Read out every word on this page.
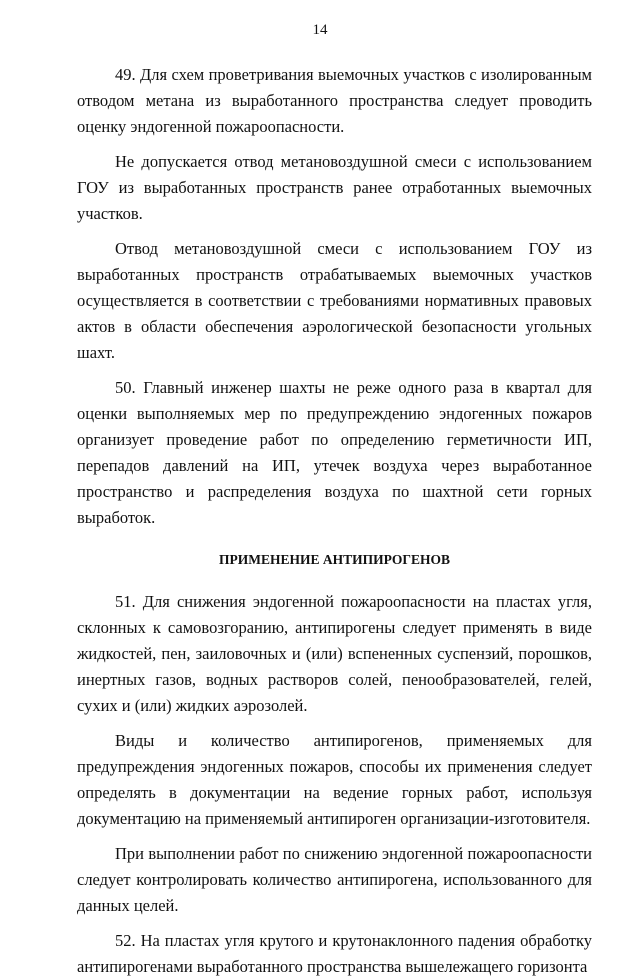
14

49. Для схем проветривания выемочных участков с изолированным отводом метана из выработанного пространства следует проводить оценку эндогенной пожароопасности.

Не допускается отвод метановоздушной смеси с использованием ГОУ из выработанных пространств ранее отработанных выемочных участков.

Отвод метановоздушной смеси с использованием ГОУ из выработанных пространств отрабатываемых выемочных участков осуществляется в соответствии с требованиями нормативных правовых актов в области обеспечения аэрологической безопасности угольных шахт.

50. Главный инженер шахты не реже одного раза в квартал для оценки выполняемых мер по предупреждению эндогенных пожаров организует проведение работ по определению герметичности ИП, перепадов давлений на ИП, утечек воздуха через выработанное пространство и распределения воздуха по шахтной сети горных выработок.

ПРИМЕНЕНИЕ АНТИПИРОГЕНОВ

51. Для снижения эндогенной пожароопасности на пластах угля, склонных к самовозгоранию, антипирогены следует применять в виде жидкостей, пен, заиловочных и (или) вспененных суспензий, порошков, инертных газов, водных растворов солей, пенообразователей, гелей, сухих и (или) жидких аэрозолей.

Виды и количество антипирогенов, применяемых для предупреждения эндогенных пожаров, способы их применения следует определять в документации на ведение горных работ, используя документацию на применяемый антипироген организации-изготовителя.

При выполнении работ по снижению эндогенной пожароопасности следует контролировать количество антипирогена, использованного для данных целей.

52. На пластах угля крутого и крутонаклонного падения обработку антипирогенами выработанного пространства вышележащего горизонта
